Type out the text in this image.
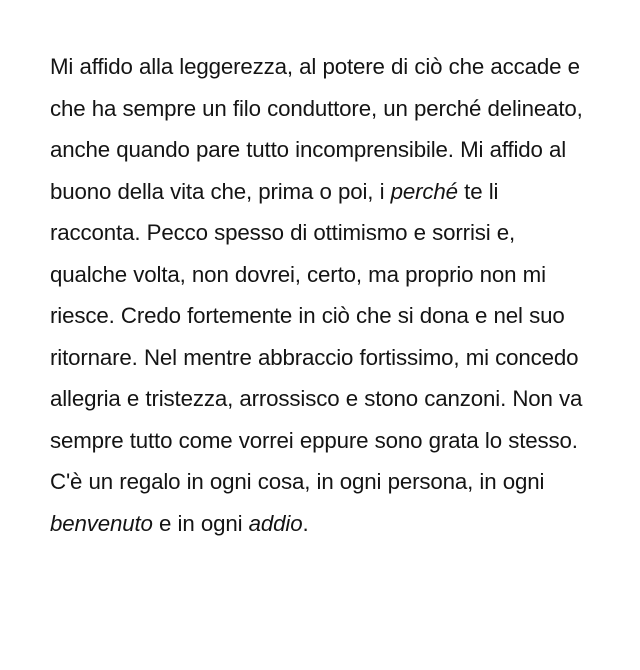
Mi affido alla leggerezza, al potere di ciò che accade e che ha sempre un filo conduttore, un perché delineato, anche quando pare tutto incomprensibile. Mi affido al buono della vita che, prima o poi, i perché te li racconta. Pecco spesso di ottimismo e sorrisi e, qualche volta, non dovrei, certo, ma proprio non mi riesce. Credo fortemente in ciò che si dona e nel suo ritornare. Nel mentre abbraccio fortissimo, mi concedo allegria e tristezza, arrossisco e stono canzoni. Non va sempre tutto come vorrei eppure sono grata lo stesso. C'è un regalo in ogni cosa, in ogni persona, in ogni benvenuto e in ogni addio.
